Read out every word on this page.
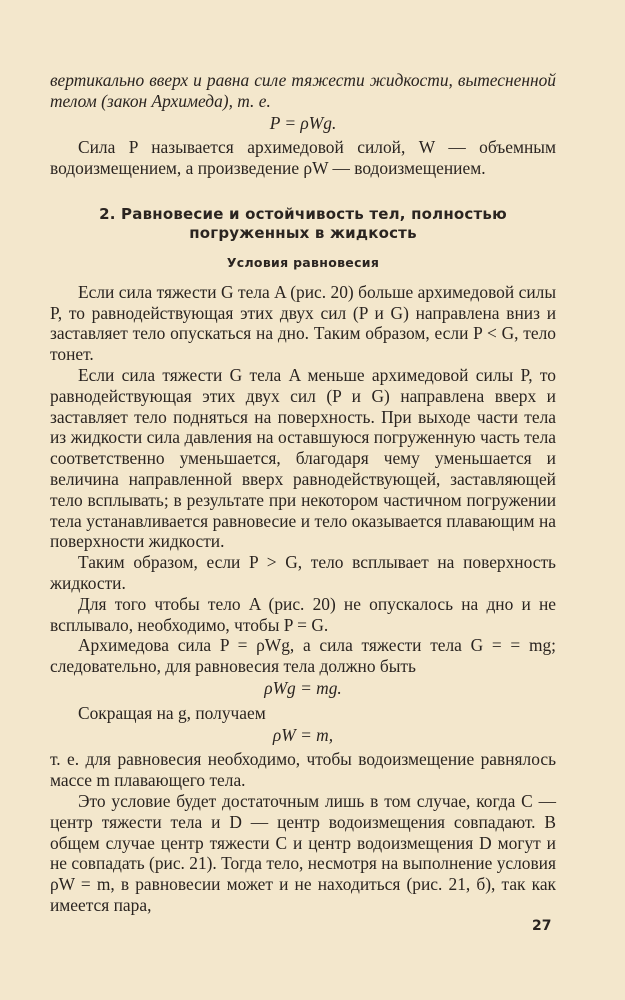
вертикально вверх и равна силе тяжести жидкости, вытесненной телом (закон Архимеда), т. е.

P = ρWg.

Сила P называется архимедовой силой, W — объемным водоизмещением, а произведение ρW — водоизмещением.

2. Равновесие и остойчивость тел, полностью погруженных в жидкость
Условия равновесия

Если сила тяжести G тела A (рис. 20) больше архимедовой силы P, то равнодействующая этих двух сил (P и G) направлена вниз и заставляет тело опускаться на дно. Таким образом, если P < G, тело тонет.

Если сила тяжести G тела A меньше архимедовой силы P, то равнодействующая этих двух сил (P и G) направлена вверх и заставляет тело подняться на поверхность. При выходе части тела из жидкости сила давления на оставшуюся погруженную часть тела соответственно уменьшается, благодаря чему уменьшается и величина направленной вверх равнодействующей, заставляющей тело всплывать; в результате при некотором частичном погружении тела устанавливается равновесие и тело оказывается плавающим на поверхности жидкости.

Таким образом, если P > G, тело всплывает на поверхность жидкости.

Для того чтобы тело A (рис. 20) не опускалось на дно и не всплывало, необходимо, чтобы P = G.

Архимедова сила P = ρWg, а сила тяжести тела G = = mg; следовательно, для равновесия тела должно быть

ρWg = mg.

Сокращая на g, получаем

ρW = m,

т. е. для равновесия необходимо, чтобы водоизмещение равнялось массе m плавающего тела.

Это условие будет достаточным лишь в том случае, когда C — центр тяжести тела и D — центр водоизмещения совпадают. В общем случае центр тяжести C и центр водоизмещения D могут и не совпадать (рис. 21). Тогда тело, несмотря на выполнение условия ρW = m, в равновесии может и не находиться (рис. 21, б), так как имеется пара,

27
